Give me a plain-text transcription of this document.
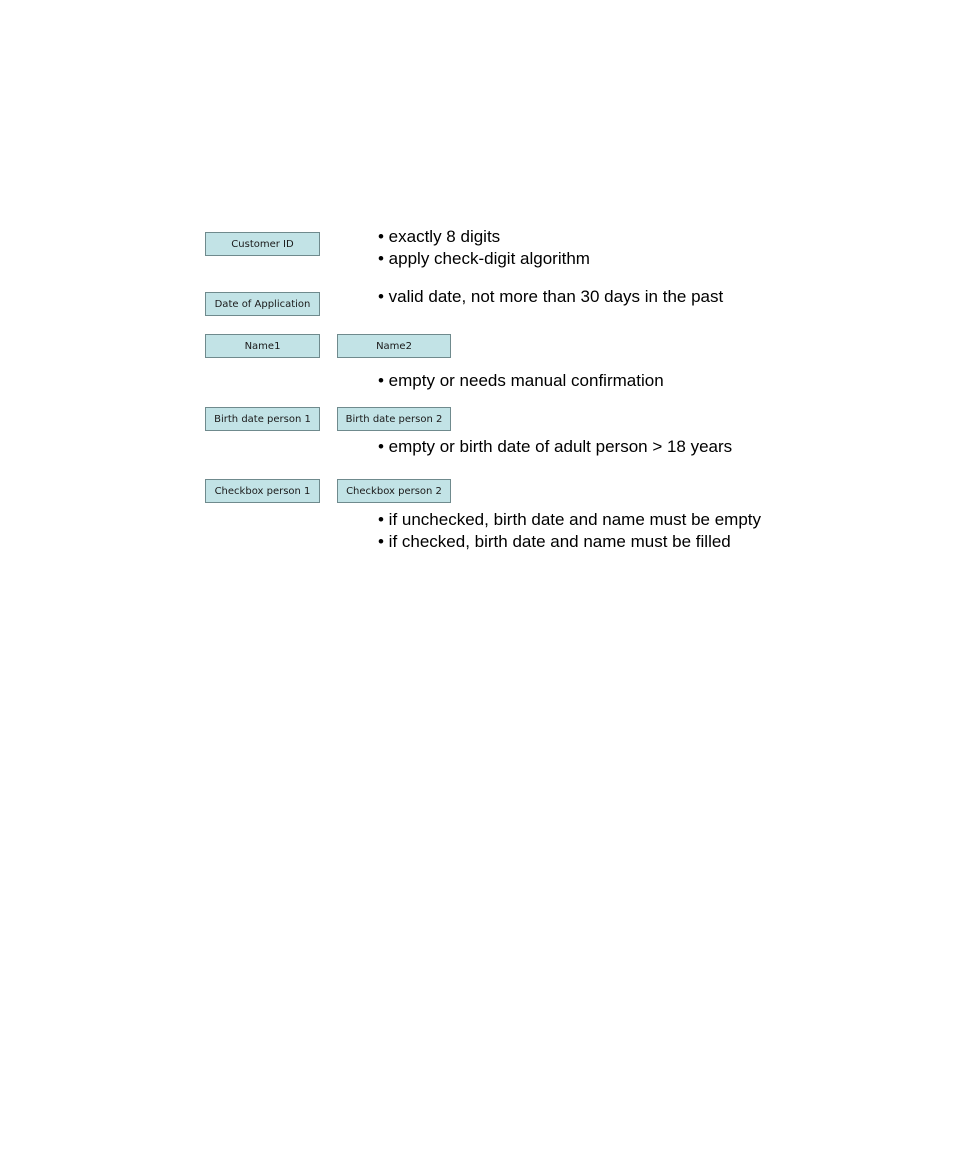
Customer ID	• exactly 8 digits
• apply check-digit algorithm
Date of Application	• valid date, not more than 30 days in the past
Name1	Name2
• empty or needs manual confirmation
Birth date person 1	Birth date person 2
• empty or birth date of adult person > 18 years
Checkbox person 1	Checkbox person 2
• if unchecked, birth date and name must be empty
• if checked, birth date and name must be filled
